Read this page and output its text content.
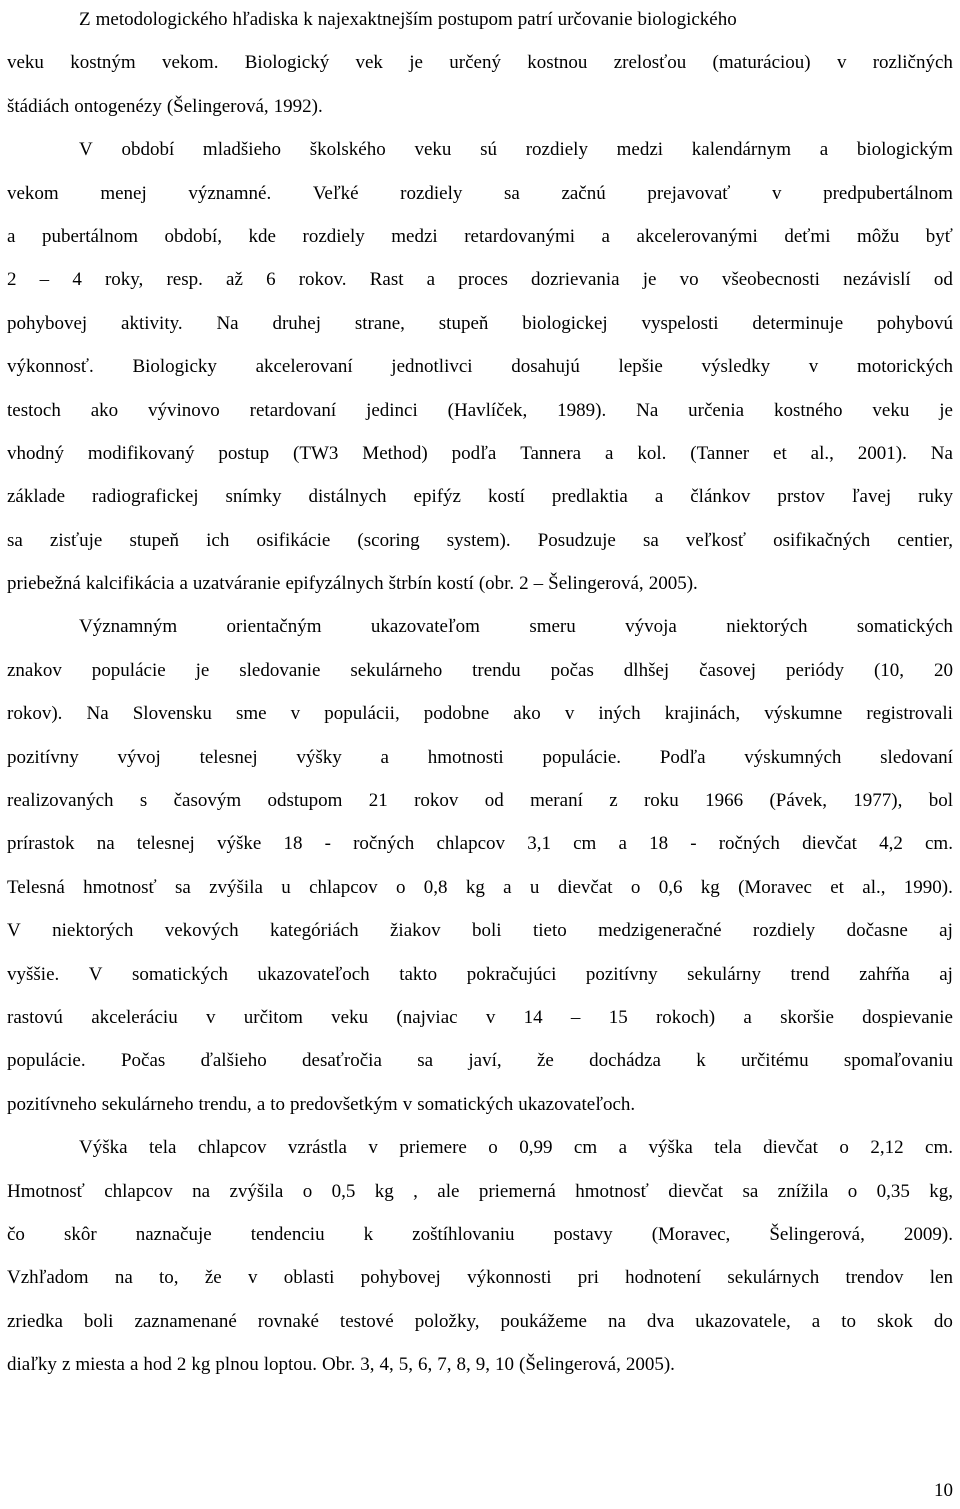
Z metodologického hľadiska k najexaktnejším postupom patrí určovanie biologického
veku kostným vekom. Biologický vek je určený kostnou zrelosťou (maturáciou) v rozličných
štádiách ontogenézy (Šelingerová, 1992).
V období mladšieho školského veku sú rozdiely medzi kalendárnym a biologickým
vekom menej významné. Veľké rozdiely sa začnú prejavovať v predpubertálnom
a pubertálnom období, kde rozdiely medzi retardovanými a akcelerovanými deťmi môžu byť
2 – 4 roky, resp. až 6 rokov. Rast a proces dozrievania je vo všeobecnosti nezávislí od
pohybovej aktivity. Na druhej strane, stupeň biologickej vyspelosti determinuje pohybovú
výkonnosť. Biologicky akcelerovaní jednotlivci dosahujú lepšie výsledky v motorických
testoch ako vývinovo retardovaní jedinci (Havlíček, 1989). Na určenia kostného veku je
vhodný modifikovaný postup (TW3 Method) podľa Tannera a kol. (Tanner et al., 2001). Na
základe radiografickej snímky distálnych epifýz kostí predlaktia a článkov prstov ľavej ruky
sa zisťuje stupeň ich osifikácie (scoring system). Posudzuje sa veľkosť osifikačných centier,
priebežná kalcifikácia a uzatváranie epifyzálnych štrbín kostí (obr. 2 – Šelingerová, 2005).
Významným	orientačným	ukazovateľom	smeru	vývoja	niektorých	somatických
znakov populácie je sledovanie sekulárneho trendu počas dlhšej časovej periódy (10, 20
rokov). Na Slovensku sme v populácii, podobne ako v iných krajinách, výskumne registrovali
pozitívny vývoj telesnej výšky a hmotnosti populácie. Podľa výskumných sledovaní
realizovaných s časovým odstupom 21 rokov od meraní z roku 1966 (Pávek, 1977), bol
prírastok na telesnej výške 18 - ročných chlapcov 3,1 cm a 18 - ročných dievčat 4,2 cm.
Telesná hmotnosť sa zvýšila u chlapcov o 0,8 kg a u dievčat o 0,6 kg (Moravec et al., 1990).
V niektorých vekových kategóriách žiakov boli tieto medzigeneračné rozdiely dočasne aj
vyššie. V somatických ukazovateľoch takto pokračujúci pozitívny sekulárny trend zahŕňa aj
rastovú akceleráciu v určitom veku (najviac v 14 – 15 rokoch) a skoršie dospievanie
populácie. Počas ďalšieho desaťročia sa javí, že dochádza k určitému spomaľovaniu
pozitívneho sekulárneho trendu, a to predovšetkým v somatických ukazovateľoch.
Výška tela chlapcov vzrástla v priemere o 0,99 cm a výška tela dievčat o 2,12 cm.
Hmotnosť chlapcov na zvýšila o 0,5 kg , ale priemerná hmotnosť dievčat sa znížila o 0,35 kg,
čo skôr naznačuje tendenciu k zoštíhlovaniu postavy (Moravec, Šelingerová, 2009).
Vzhľadom na to, že v oblasti pohybovej výkonnosti pri hodnotení sekulárnych trendov len
zriedka boli zaznamenané rovnaké testové položky, poukážeme na dva ukazovatele, a to skok do
diaľky z miesta a hod 2 kg plnou loptou. Obr. 3, 4, 5, 6, 7, 8, 9, 10 (Šelingerová, 2005).
10
